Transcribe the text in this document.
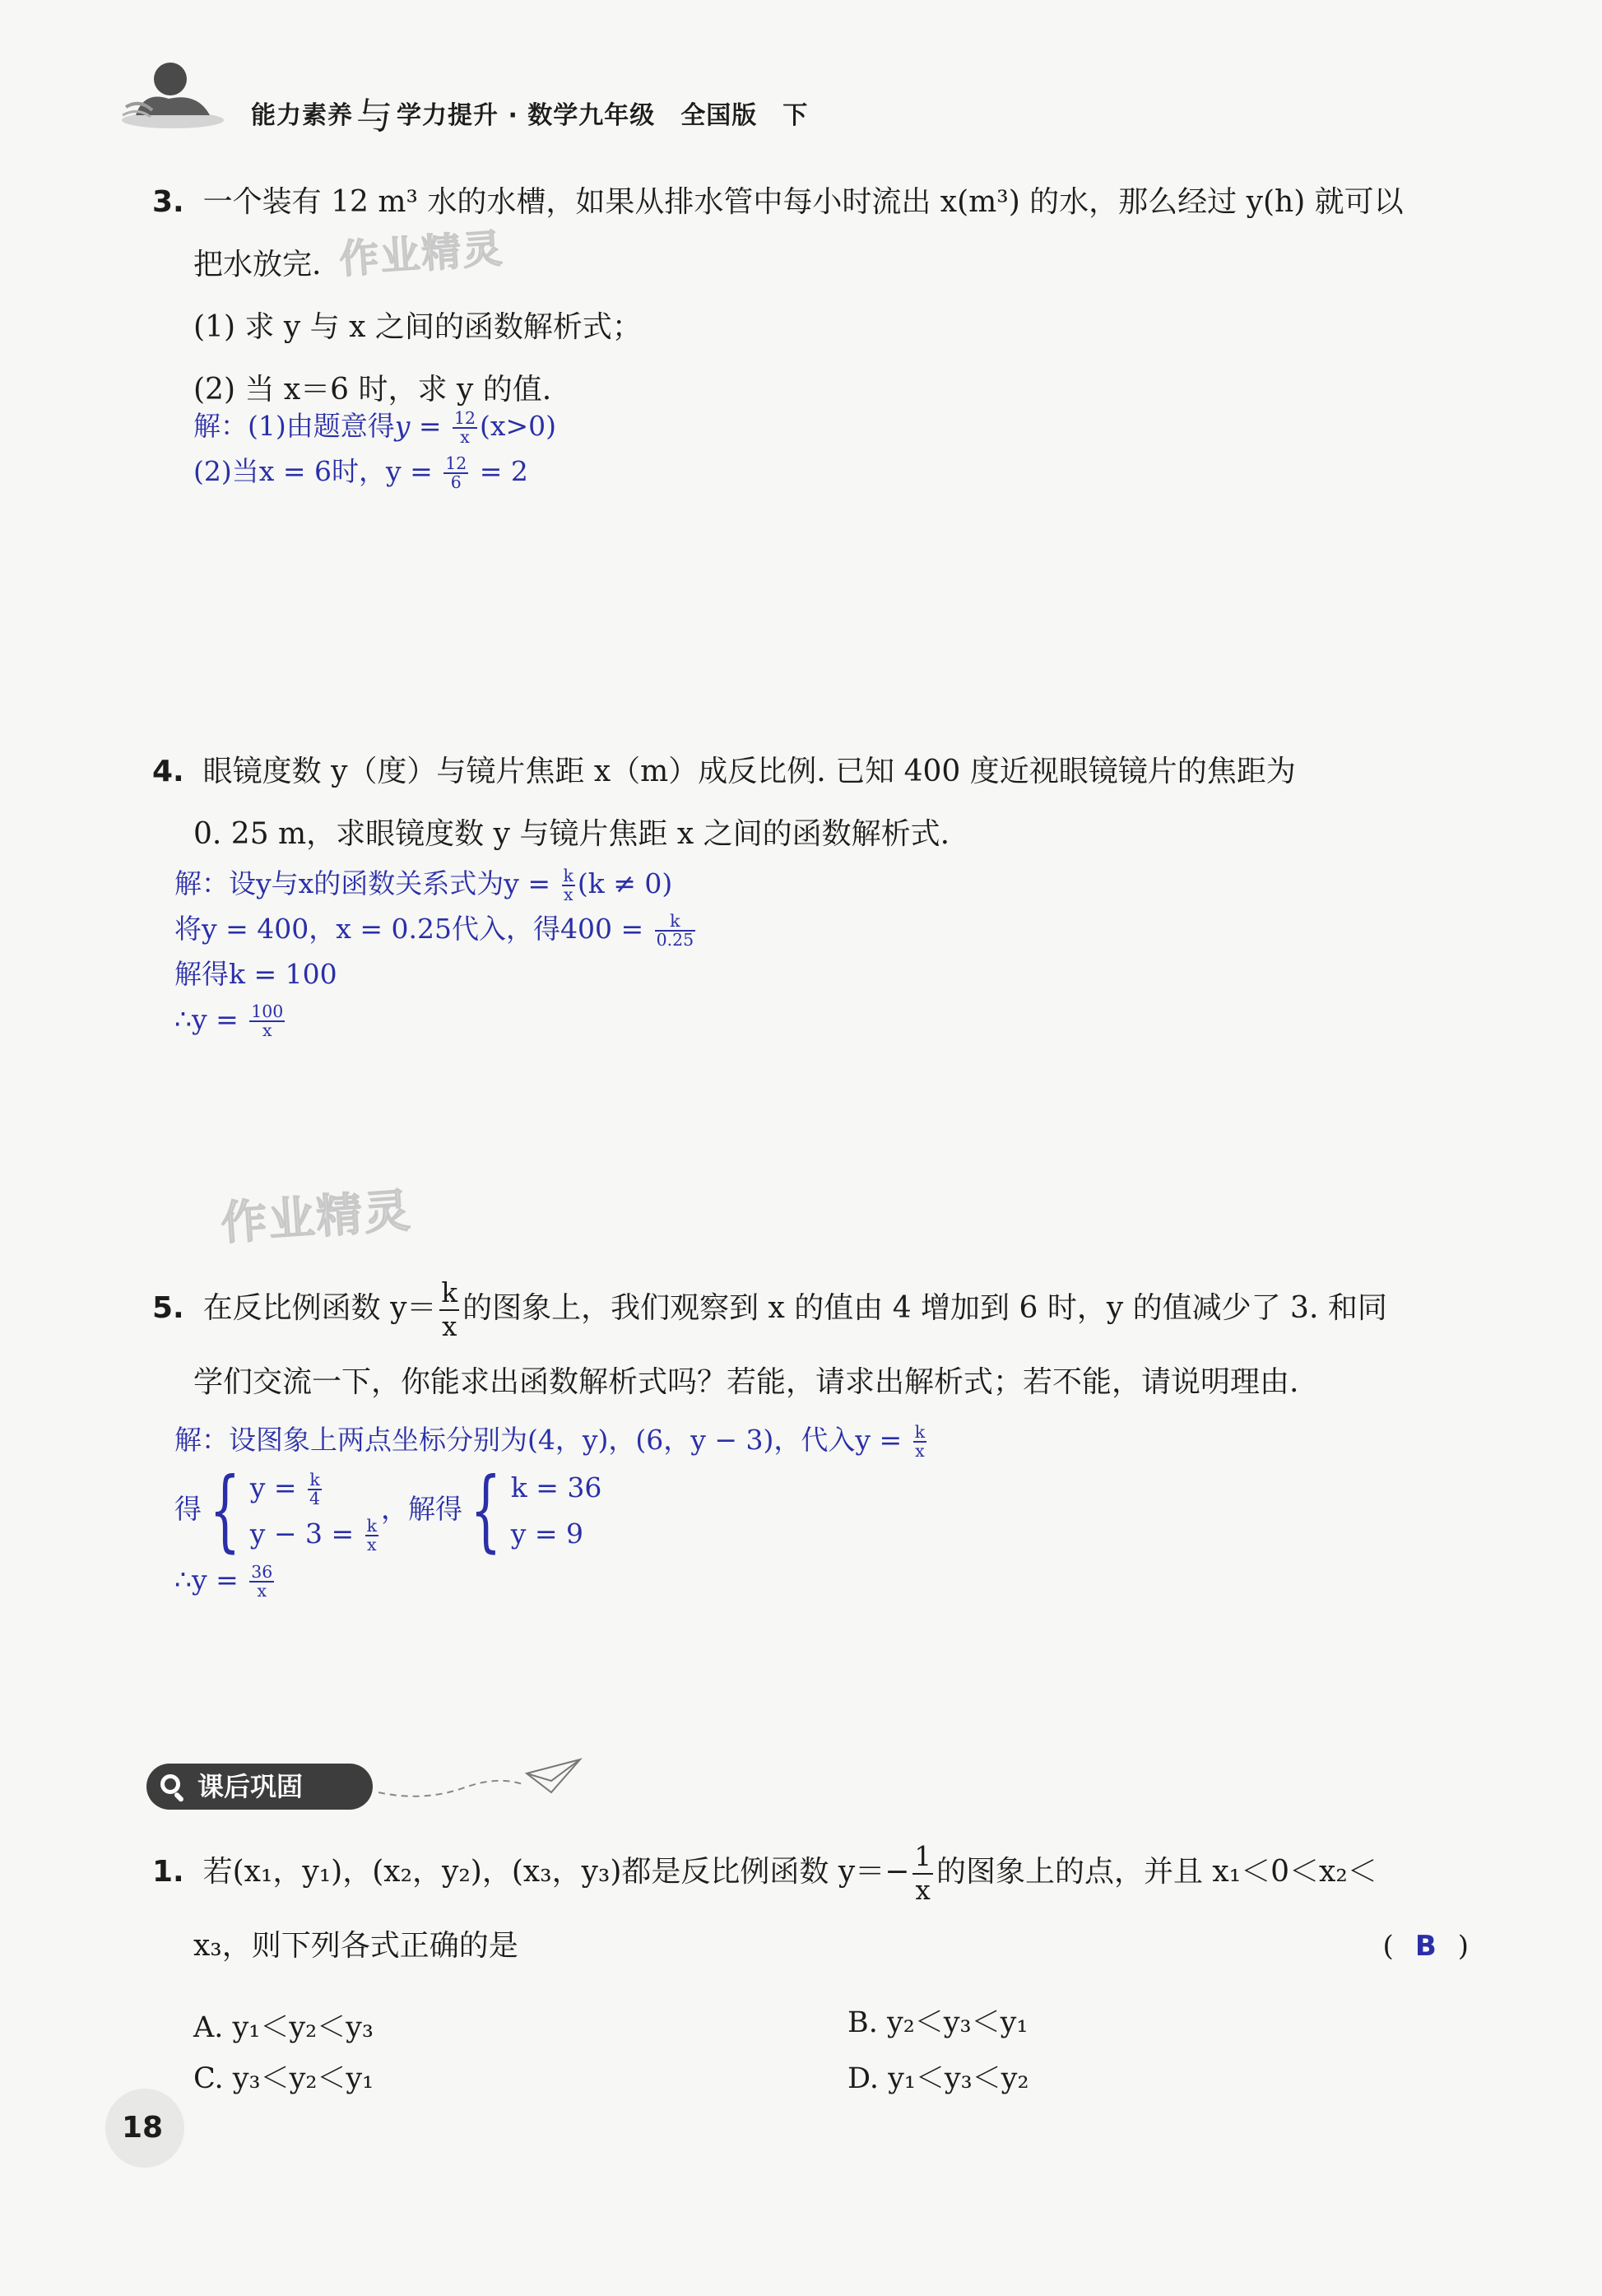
能力素养与 学力提升 · 数学九年级　全国版　下
3. 一个装有 12 m³ 水的水槽，如果从排水管中每小时流出 x(m³) 的水，那么经过 y(h) 就可以
把水放完.
(1) 求 y 与 x 之间的函数解析式；
(2) 当 x＝6 时，求 y 的值.
作业精灵
解：(1)由题意得$y = \frac{12}{x} (x>0)$
(2)当x = 6时，$y = \frac{12}{6} = 2$
4. 眼镜度数 y（度）与镜片焦距 x（m）成反比例. 已知 400 度近视眼镜镜片的焦距为
0. 25 m，求眼镜度数 y 与镜片焦距 x 之间的函数解析式.
解：设y与x的函数关系式为$y = \frac{k}{x} (k \ne 0)$
将y = 400，x = 0.25代入，得$400 = \frac{k}{0.25}$
解得k = 100
∴y = $\frac{100}{x}$
作业精灵
5. 在反比例函数 $y= \frac{k}{x}$ 的图象上，我们观察到 x 的值由 4 增加到 6 时，y 的值减少了 3. 和同
学们交流一下，你能求出函数解析式吗？若能，请求出解析式；若不能，请说明理由.
解：设图象上两点坐标分别为(4，y)，(6，y − 3)，代入$y = \frac{k}{x}$
得{ $y = \frac{k}{4}$
$y - 3 = \frac{k}{x}$
，解得{ k = 36
y = 9
∴y = $\frac{36}{x}$
课后巩固
1. 若(x₁，y₁)，(x₂，y₂)，(x₃，y₃)都是反比例函数 $y=- \frac{1}{x}$ 的图象上的点，并且 x₁＜0＜x₂＜
x₃，则下列各式正确的是	( B )
A. y₁＜y₂＜y₃	B. y₂＜y₃＜y₁
C. y₃＜y₂＜y₁	D. y₁＜y₃＜y₂
18
